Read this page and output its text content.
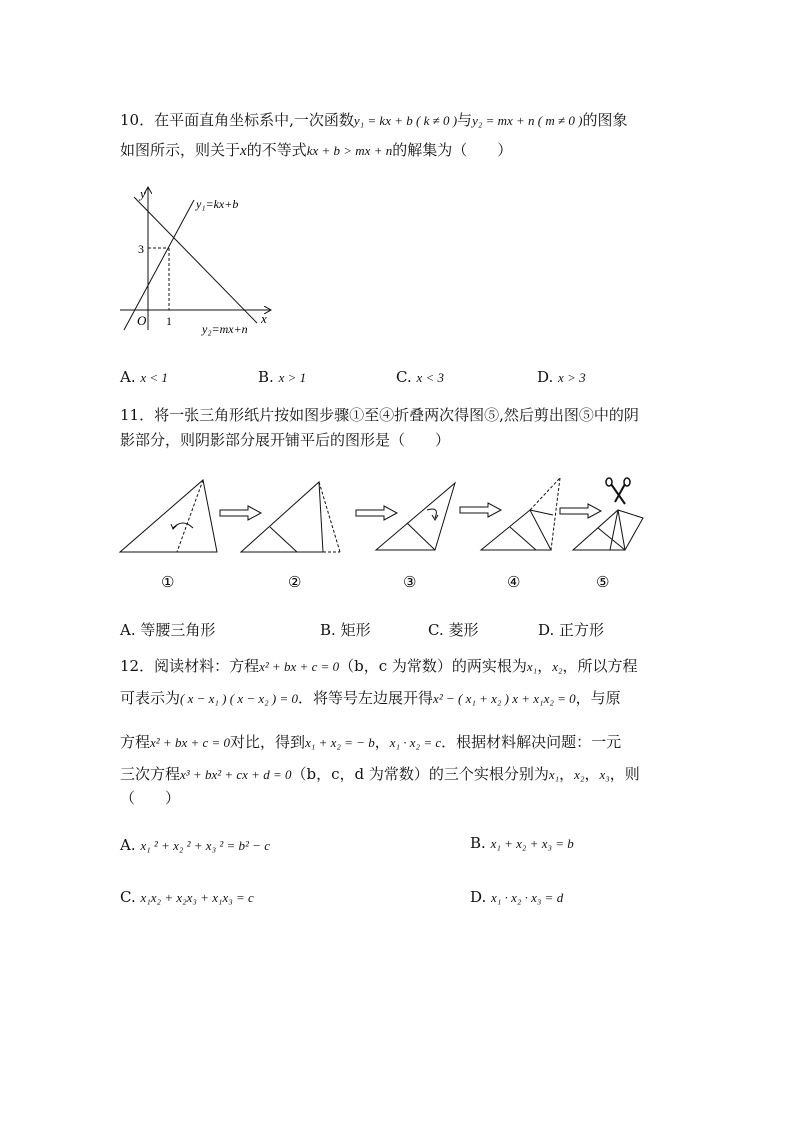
10．在平面直角坐标系中,一次函数y₁ = kx + b ( k ≠ 0 )与y₂ = mx + n ( m ≠ 0 )的图象
如图所示，则关于x的不等式kx + b > mx + n的解集为（　　）
y
x
O 1
3
y₁=kx+b
y₂=mx+n
A. x < 1	B. x > 1	C. x < 3	D. x > 3
11．将一张三角形纸片按如图步骤①至④折叠两次得图⑤,然后剪出图⑤中的阴
影部分，则阴影部分展开铺平后的图形是（　　）
①	②	③	④	⑤
A. 等腰三角形	B. 矩形	C. 菱形	D. 正方形
12．阅读材料：方程x² + bx + c = 0（b，c 为常数）的两实根为x₁，x₂，所以方程
可表示为( x − x₁ ) ( x − x₂ ) = 0．将等号左边展开得x² − ( x₁ + x₂ ) x + x₁x₂ = 0，与原
方程x² + bx + c = 0对比，得到x₁ + x₂ = − b，x₁ · x₂ = c．根据材料解决问题：一元
三次方程x³ + bx² + cx + d = 0（b，c，d 为常数）的三个实根分别为x₁，x₂，x₃，则
（　　）
A. x₁ ² + x₂ ² + x₃ ² = b² − c	B. x₁ + x₂ + x₃ = b
C. x₁x₂ + x₂x₃ + x₁x₃ = c	D. x₁ · x₂ · x₃ = d
